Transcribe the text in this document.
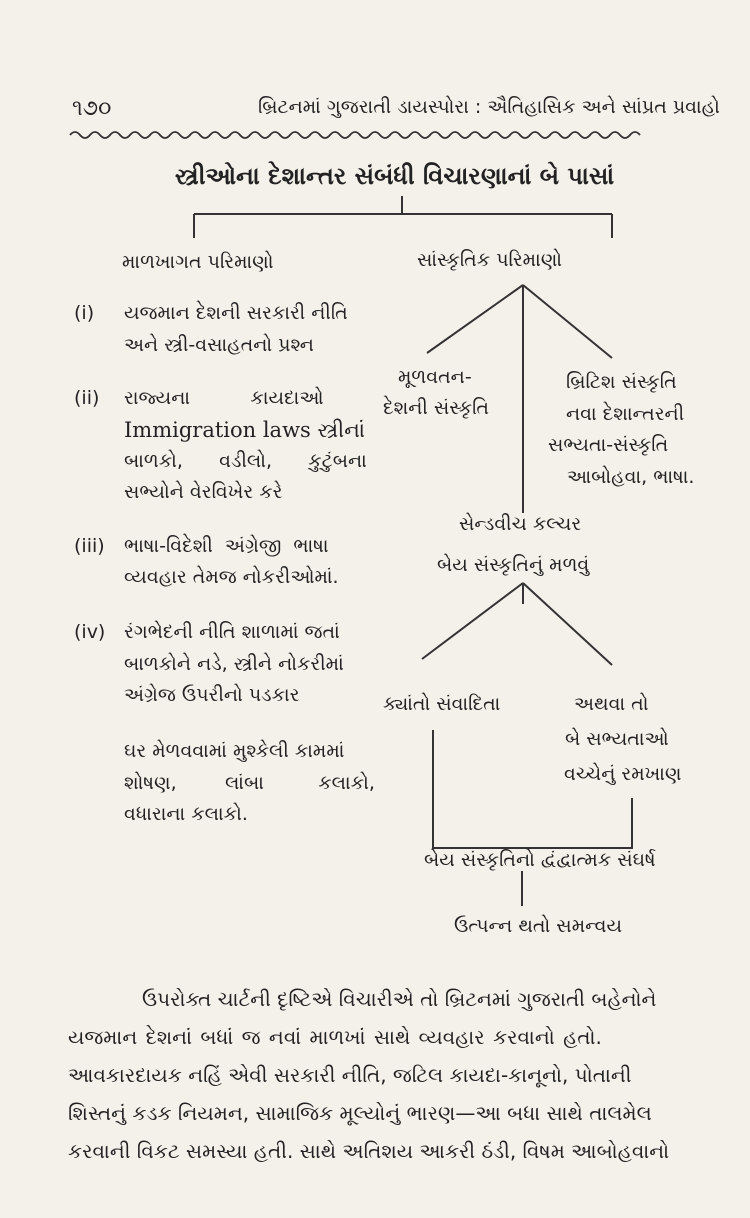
૧૭૦	બ્રિટનમાં ગુજરાતી ડાયસ્પોરા : ઐતિહાસિક અને સાંપ્રત પ્રવાહો
સ્ત્રીઓના દેશાન્તર સંબંધી વિચારણાનાં બે પાસાં
માળખાગત પરિમાણો	સાંસ્કૃતિક પરિમાણો
(i) યજમાન દેશની સરકારી નીતિ
અને સ્ત્રી-વસાહતનો પ્રશ્ન
(ii) રાજ્યના          કાયદાઓ
Immigration laws સ્ત્રીનાં
બાળકો,      વડીલો,      કુટુંબના
સભ્યોને વેરવિખેર કરે
(iii) ભાષા-વિદેશી  અંગ્રેજી  ભાષા
વ્યવહાર તેમજ નોકરીઓમાં.
(iv) રંગભેદની નીતિ શાળામાં જતાં
બાળકોને નડે, સ્ત્રીને નોકરીમાં
અંગ્રેજ ઉપરીનો પડકાર
ઘર મેળવવામાં મુશ્કેલી કામમાં
શોષણ,        લાંબા         કલાકો,
વધારાના કલાકો.
મૂળવતન-
દેશની સંસ્કૃતિ
બ્રિટિશ સંસ્કૃતિ
નવા દેશાન્તરની
સભ્યતા-સંસ્કૃતિ
આબોહવા, ભાષા.
સેન્ડવીચ કલ્ચર
બેય સંસ્કૃતિનું મળવું
ક્યાંતો સંવાદિતા	અથવા તો
બે સભ્યતાઓ
વચ્ચેનું રમખાણ
બેય સંસ્કૃતિનો દ્વંદ્વાત્મક સંઘર્ષ
ઉત્પન્ન થતો સમન્વય
ઉપરોક્ત ચાર્ટની દૃષ્ટિએ વિચારીએ તો બ્રિટનમાં ગુજરાતી બહેનોને
યજમાન દેશનાં બધાં જ નવાં માળખાં સાથે વ્યવહાર કરવાનો હતો.
આવકારદાયક નહિં એવી સરકારી નીતિ, જટિલ કાયદા-કાનૂનો, પોતાની
શિસ્તનું કડક નિયમન, સામાજિક મૂલ્યોનું ભારણ—આ બધા સાથે તાલમેલ
કરવાની વિકટ સમસ્યા હતી. સાથે અતિશય આકરી ઠંડી, વિષમ આબોહવાનો
